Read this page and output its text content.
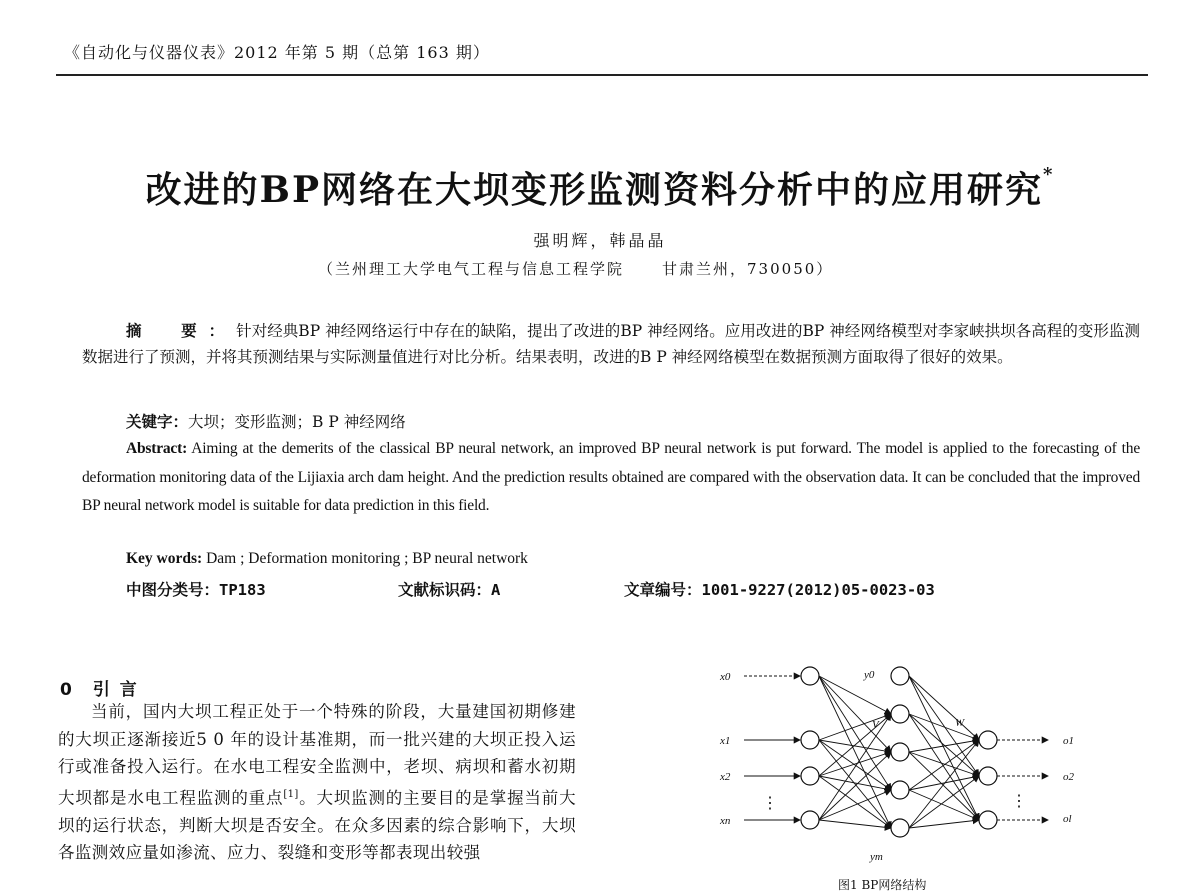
《自动化与仪器仪表》2012 年第 5 期（总第 163 期）
改进的BP网络在大坝变形监测资料分析中的应用研究*
强明辉，韩晶晶
（兰州理工大学电气工程与信息工程学院	甘肃兰州，730050）
摘　要：针对经典BP 神经网络运行中存在的缺陷，提出了改进的BP 神经网络。应用改进的BP 神经网络模型对李家峡拱坝各高程的变形监测数据进行了预测，并将其预测结果与实际测量值进行对比分析。结果表明，改进的B P 神经网络模型在数据预测方面取得了很好的效果。
关键字：大坝；变形监测；B P 神经网络
Abstract: Aiming at the demerits of the classical BP neural network, an improved BP neural network is put forward. The model is applied to the forecasting of the deformation monitoring data of the Lijiaxia arch dam height. And the prediction results obtained are compared with the observation data. It can be concluded that the improved BP neural network model is suitable for data prediction in this field.
Key words: Dam ; Deformation monitoring ; BP neural network
中图分类号：TP183	文献标识码：A	文章编号：1001-9227(2012)05-0023-03
0　引 言
当前，国内大坝工程正处于一个特殊的阶段，大量建国初期修建的大坝正逐渐接近5 0 年的设计基准期，而一批兴建的大坝正投入运行或准备投入运行。在水电工程安全监测中，老坝、病坝和蓄水初期大坝都是水电工程监测的重点[1]。大坝监测的主要目的是掌握当前大坝的运行状态，判断大坝是否安全。在众多因素的综合影响下，大坝各监测效应量如渗流、应力、裂缝和变形等都表现出较强
x0
x1
x2
xn
y0
ym
o1
o2
ol
W
V
⋮	⋮
图1 BP网络结构
